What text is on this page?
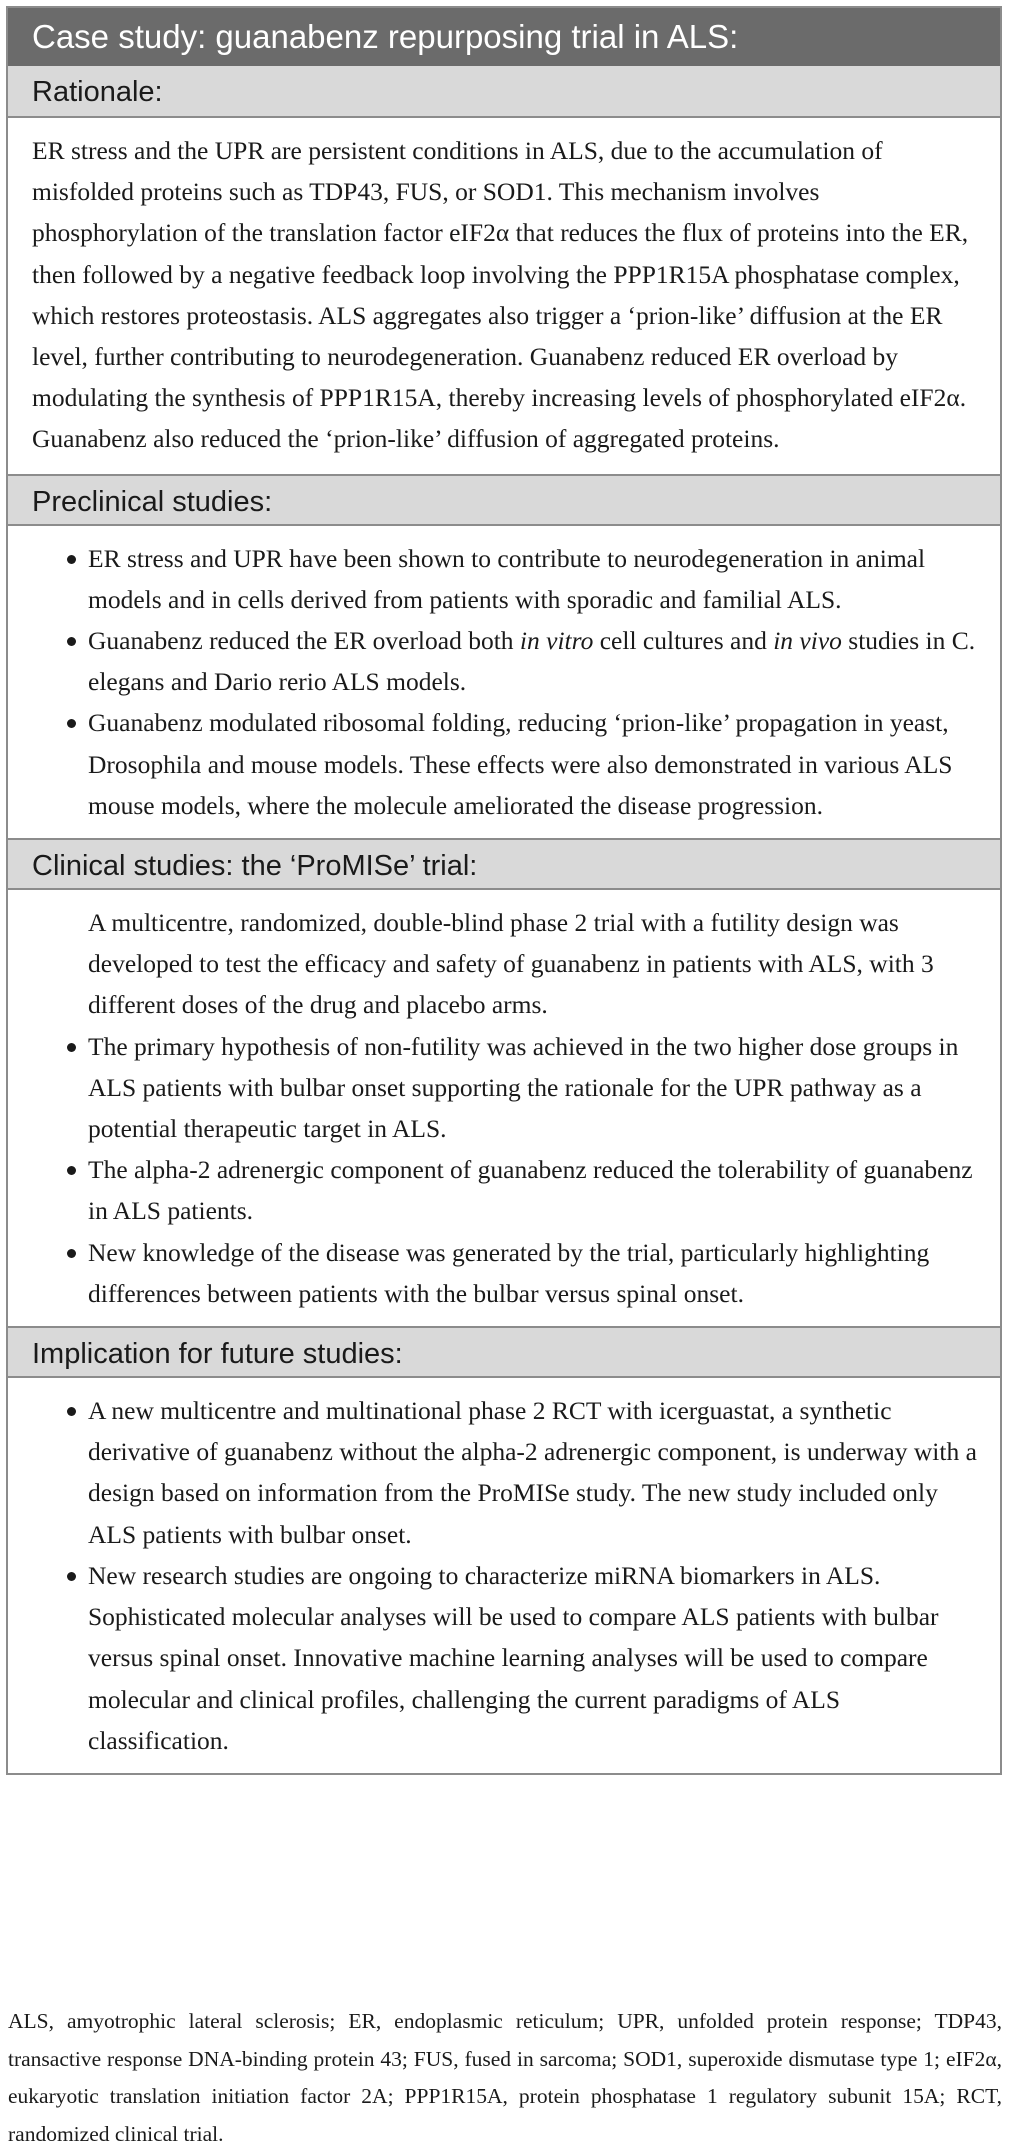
Case study: guanabenz repurposing trial in ALS:
Rationale:

ER stress and the UPR are persistent conditions in ALS, due to the accumulation of misfolded proteins such as TDP43, FUS, or SOD1. This mechanism involves phosphorylation of the translation factor eIF2α that reduces the flux of proteins into the ER, then followed by a negative feedback loop involving the PPP1R15A phosphatase complex, which restores proteostasis. ALS aggregates also trigger a ‘prion-like’ diffusion at the ER level, further contributing to neurodegeneration. Guanabenz reduced ER overload by modulating the synthesis of PPP1R15A, thereby increasing levels of phosphorylated eIF2α. Guanabenz also reduced the ‘prion-like’ diffusion of aggregated proteins.

Preclinical studies:
ER stress and UPR have been shown to contribute to neurodegeneration in animal models and in cells derived from patients with sporadic and familial ALS.
Guanabenz reduced the ER overload both in vitro cell cultures and in vivo studies in C. elegans and Dario rerio ALS models.
Guanabenz modulated ribosomal folding, reducing ‘prion-like’ propagation in yeast, Drosophila and mouse models. These effects were also demonstrated in various ALS mouse models, where the molecule ameliorated the disease progression.
Clinical studies: the ‘ProMISe’ trial:
A multicentre, randomized, double-blind phase 2 trial with a futility design was developed to test the efficacy and safety of guanabenz in patients with ALS, with 3 different doses of the drug and placebo arms.
The primary hypothesis of non-futility was achieved in the two higher dose groups in ALS patients with bulbar onset supporting the rationale for the UPR pathway as a potential therapeutic target in ALS.
The alpha-2 adrenergic component of guanabenz reduced the tolerability of guanabenz in ALS patients.
New knowledge of the disease was generated by the trial, particularly highlighting differences between patients with the bulbar versus spinal onset.
Implication for future studies:
A new multicentre and multinational phase 2 RCT with icerguastat, a synthetic derivative of guanabenz without the alpha-2 adrenergic component, is underway with a design based on information from the ProMISe study. The new study included only ALS patients with bulbar onset.
New research studies are ongoing to characterize miRNA biomarkers in ALS. Sophisticated molecular analyses will be used to compare ALS patients with bulbar versus spinal onset. Innovative machine learning analyses will be used to compare molecular and clinical profiles, challenging the current paradigms of ALS classification.

ALS, amyotrophic lateral sclerosis; ER, endoplasmic reticulum; UPR, unfolded protein response; TDP43, transactive response DNA-binding protein 43; FUS, fused in sarcoma; SOD1, superoxide dismutase type 1; eIF2α, eukaryotic translation initiation factor 2A; PPP1R15A, protein phosphatase 1 regulatory subunit 15A; RCT, randomized clinical trial.
